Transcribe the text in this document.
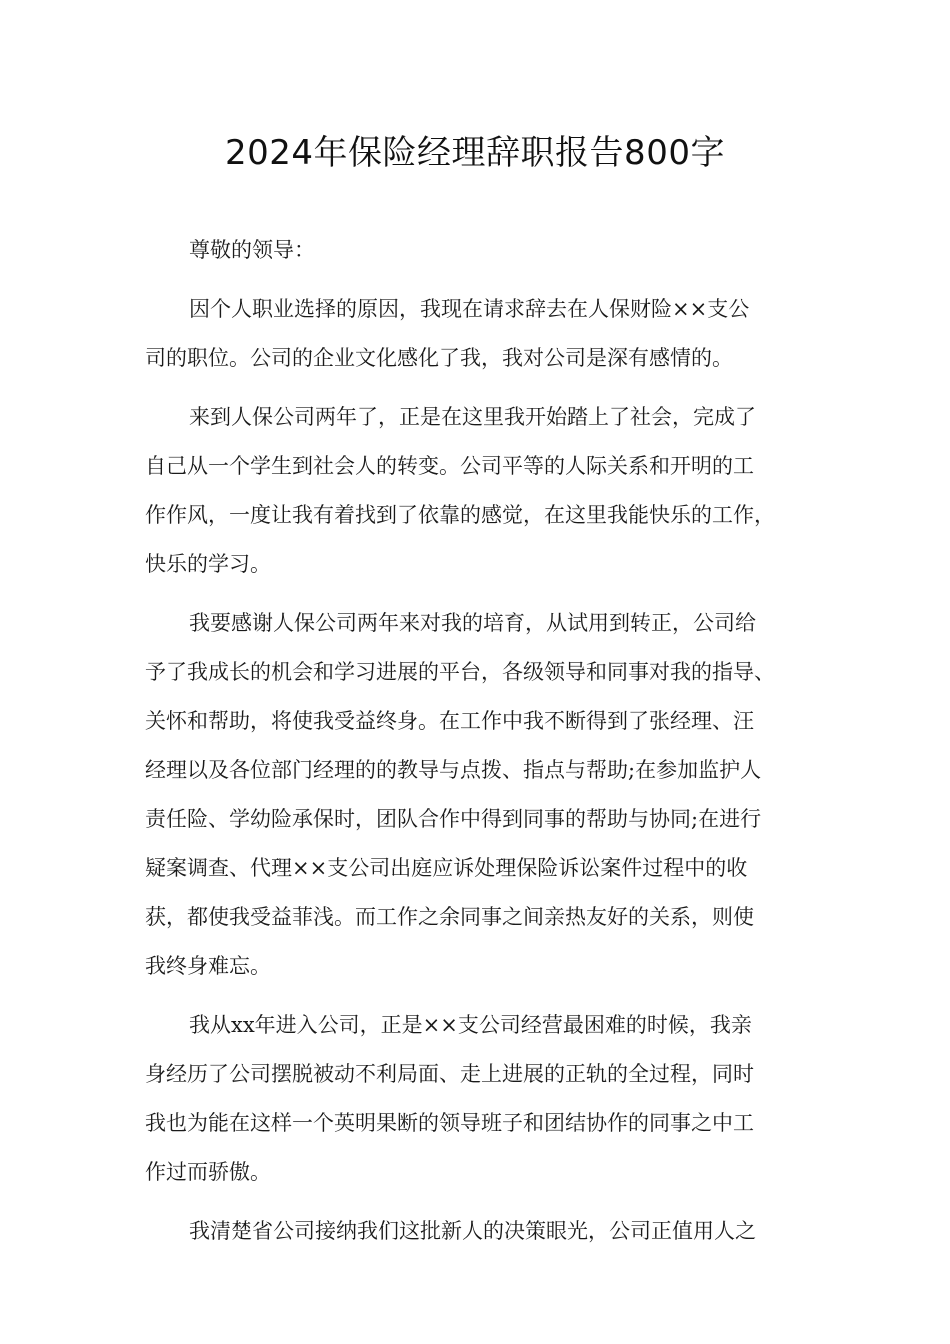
2024年保险经理辞职报告800字
尊敬的领导：
因个人职业选择的原因，我现在请求辞去在人保财险××支公
司的职位。公司的企业文化感化了我，我对公司是深有感情的。
来到人保公司两年了，正是在这里我开始踏上了社会，完成了
自己从一个学生到社会人的转变。公司平等的人际关系和开明的工
作作风，一度让我有着找到了依靠的感觉，在这里我能快乐的工作，
快乐的学习。
我要感谢人保公司两年来对我的培育，从试用到转正，公司给
予了我成长的机会和学习进展的平台，各级领导和同事对我的指导、
关怀和帮助，将使我受益终身。在工作中我不断得到了张经理、汪
经理以及各位部门经理的的教导与点拨、指点与帮助;在参加监护人
责任险、学幼险承保时，团队合作中得到同事的帮助与协同;在进行
疑案调查、代理××支公司出庭应诉处理保险诉讼案件过程中的收
获，都使我受益菲浅。而工作之余同事之间亲热友好的关系，则使
我终身难忘。
我从xx年进入公司，正是××支公司经营最困难的时候，我亲
身经历了公司摆脱被动不利局面、走上进展的正轨的全过程，同时
我也为能在这样一个英明果断的领导班子和团结协作的同事之中工
作过而骄傲。
我清楚省公司接纳我们这批新人的决策眼光，公司正值用人之
